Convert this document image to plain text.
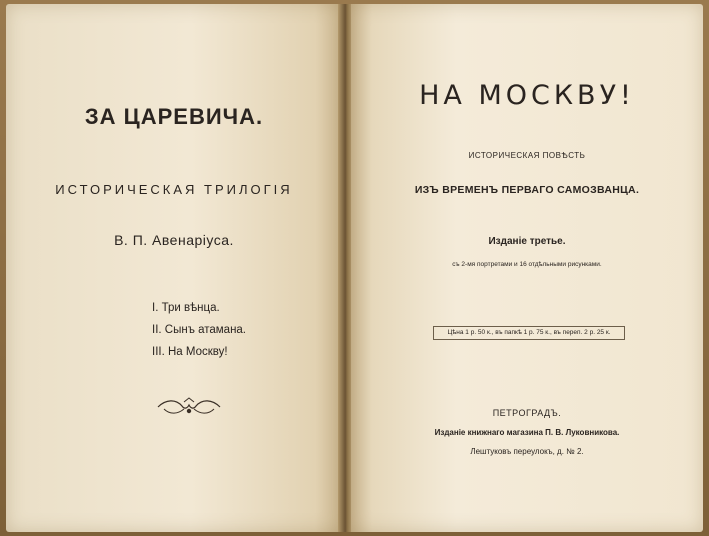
ЗА ЦАРЕВИЧА.
ИСТОРИЧЕСКАЯ ТРИЛОГІЯ
В. П. Авенаріуса.
I. Три вѣнца.
II. Сынъ атамана.
III. На Москву!
НА МОСКВУ!
ИСТОРИЧЕСКАЯ ПОВѢСТЬ
ИЗЪ ВРЕМЕНЪ ПЕРВАГО САМОЗВАНЦА.
Изданіе третье.
съ 2-мя портретами и 16 отдѣльными рисунками.
Цѣна 1 р. 50 к., въ папкѣ 1 р. 75 к., въ переп. 2 р. 25 к.
ПЕТРОГРАДЪ.
Изданіе книжнаго магазина П. В. Луковникова.
Лештуковъ переулокъ, д. № 2.
